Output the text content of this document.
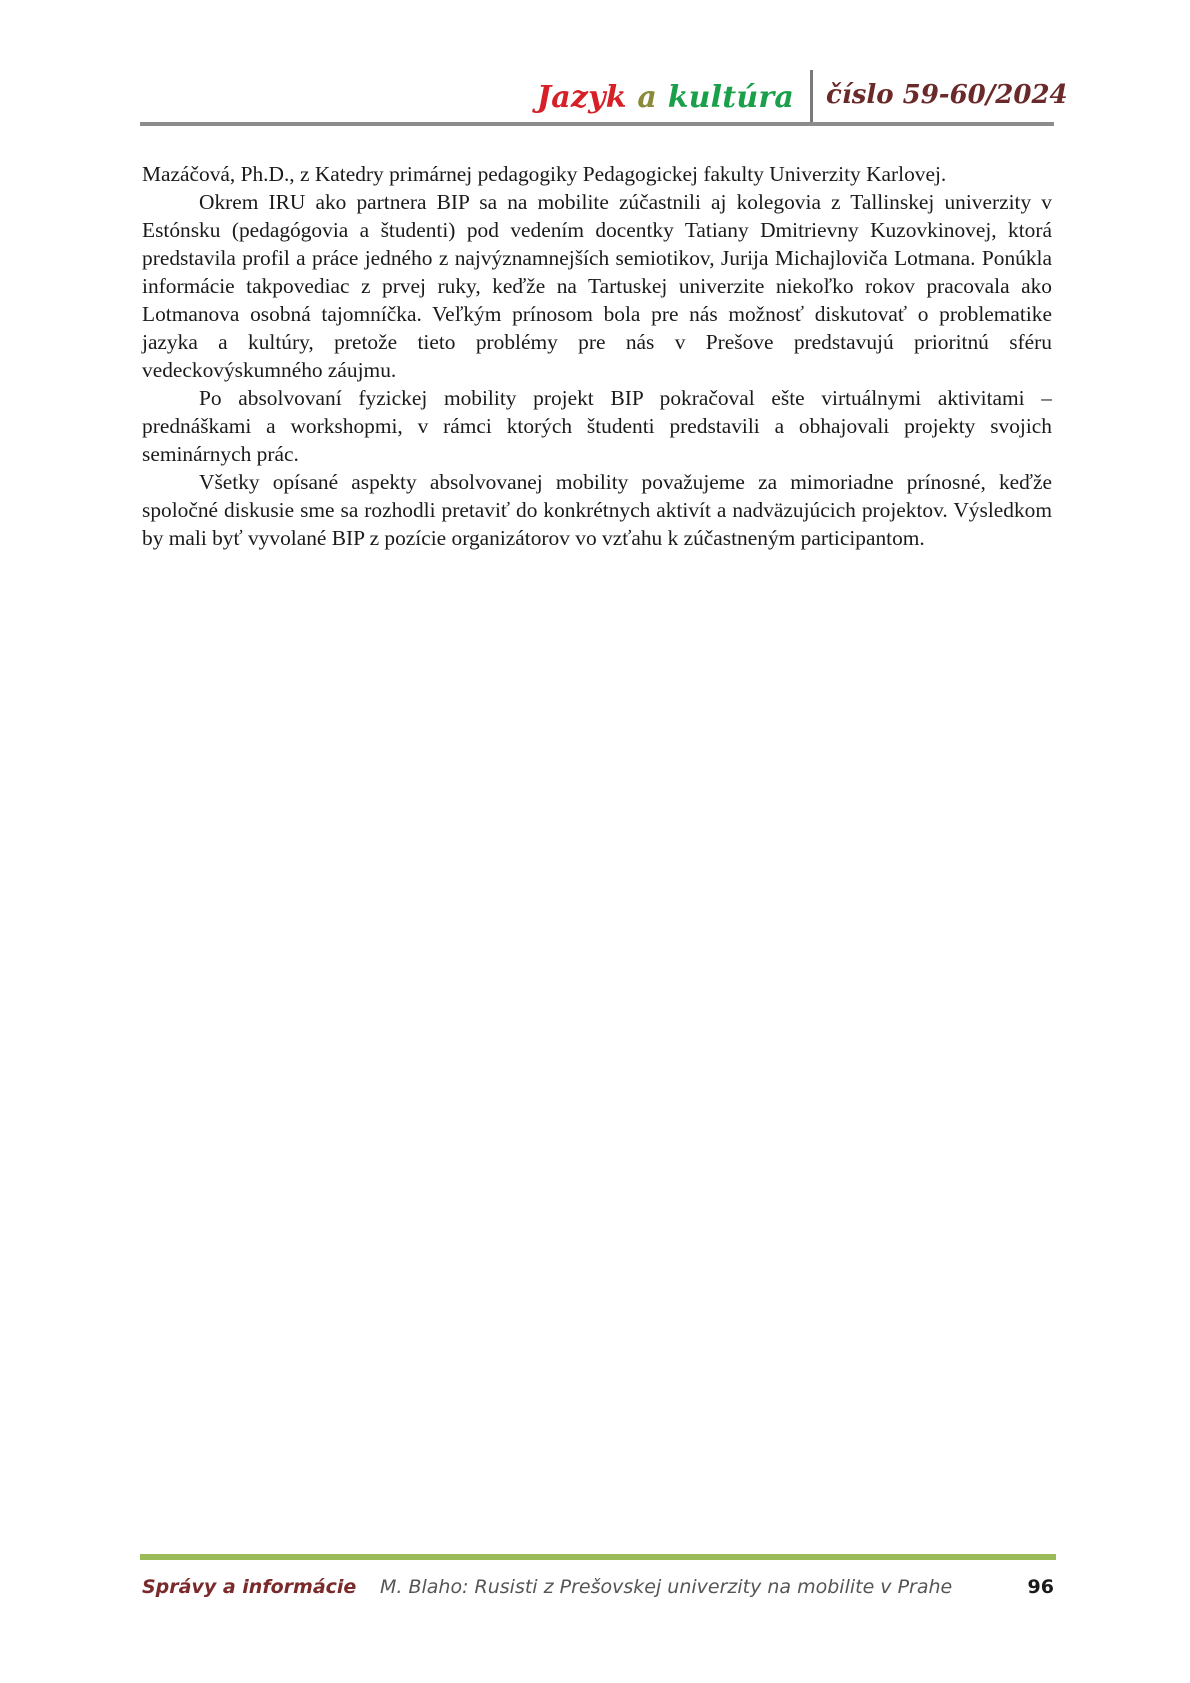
Jazyk a kultúra číslo 59-60/2024

Mazáčová, Ph.D., z Katedry primárnej pedagogiky Pedagogickej fakulty Univerzity Karlovej.

Okrem IRU ako partnera BIP sa na mobilite zúčastnili aj kolegovia z Tallinskej univerzity v Estónsku (pedagógovia a študenti) pod vedením docentky Tatiany Dmitrievny Kuzovkinovej, ktorá predstavila profil a práce jedného z najvýznamnejších semiotikov, Jurija Michajloviča Lotmana. Ponúkla informácie takpovediac z prvej ruky, keďže na Tartuskej univerzite niekoľko rokov pracovala ako Lotmanova osobná tajomníčka. Veľkým prínosom bola pre nás možnosť diskutovať o problematike jazyka a kultúry, pretože tieto problémy pre nás v Prešove predstavujú prioritnú sféru vedeckovýskumného záujmu.

Po absolvovaní fyzickej mobility projekt BIP pokračoval ešte virtuálnymi aktivitami – prednáškami a workshopmi, v rámci ktorých študenti predstavili a obhajovali projekty svojich seminárnych prác.

Všetky opísané aspekty absolvovanej mobility považujeme za mimoriadne prínosné, keďže spoločné diskusie sme sa rozhodli pretaviť do konkrétnych aktivít a nadväzujúcich projektov. Výsledkom by mali byť vyvolané BIP z pozície organizátorov vo vzťahu k zúčastneným participantom.

Správy a informácie M. Blaho: Rusisti z Prešovskej univerzity na mobilite v Prahe	96
